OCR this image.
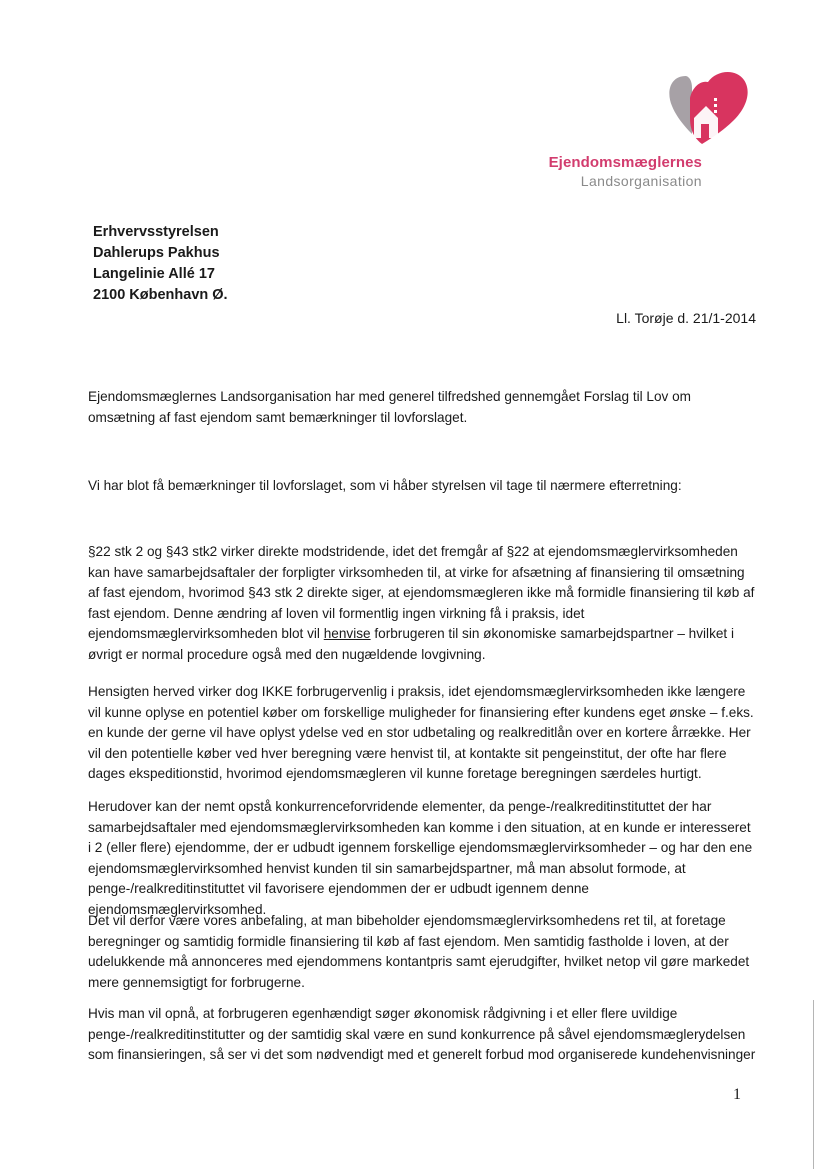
Ejendomsmæglernes
Landsorganisation
Erhvervsstyrelsen
Dahlerups Pakhus
Langelinie Allé 17
2100 København Ø.
Ll. Torøje d. 21/1-2014

Ejendomsmæglernes Landsorganisation har med generel tilfredshed gennemgået Forslag til Lov om omsætning af fast ejendom samt bemærkninger til lovforslaget.

Vi har blot få bemærkninger til lovforslaget, som vi håber styrelsen vil tage til nærmere efterretning:

§22 stk 2 og §43 stk2 virker direkte modstridende, idet det fremgår af §22 at ejendomsmæglervirksomheden kan have samarbejdsaftaler der forpligter virksomheden til, at virke for afsætning af finansiering til omsætning af fast ejendom, hvorimod §43 stk 2 direkte siger, at ejendomsmægleren ikke må formidle finansiering til køb af fast ejendom. Denne ændring af loven vil formentlig ingen virkning få i praksis, idet ejendomsmæglervirksomheden blot vil henvise forbrugeren til sin økonomiske samarbejdspartner – hvilket i øvrigt er normal procedure også med den nugældende lovgivning.

Hensigten herved virker dog IKKE forbrugervenlig i praksis, idet ejendomsmæglervirksomheden ikke længere vil kunne oplyse en potentiel køber om forskellige muligheder for finansiering efter kundens eget ønske – f.eks. en kunde der gerne vil have oplyst ydelse ved en stor udbetaling og realkreditlån over en kortere årrække. Her vil den potentielle køber ved hver beregning være henvist til, at kontakte sit pengeinstitut, der ofte har flere dages ekspeditionstid, hvorimod ejendomsmægleren vil kunne foretage beregningen særdeles hurtigt.

Herudover kan der nemt opstå konkurrenceforvridende elementer, da penge-/realkreditinstituttet der har samarbejdsaftaler med ejendomsmæglervirksomheden kan komme i den situation, at en kunde er interesseret i 2 (eller flere) ejendomme, der er udbudt igennem forskellige ejendomsmæglervirksomheder – og har den ene ejendomsmæglervirksomhed henvist kunden til sin samarbejdspartner, må man absolut formode, at penge-/realkreditinstituttet vil favorisere ejendommen der er udbudt igennem denne ejendomsmæglervirksomhed.

Det vil derfor være vores anbefaling, at man bibeholder ejendomsmæglervirksomhedens ret til, at foretage beregninger og samtidig formidle finansiering til køb af fast ejendom. Men samtidig fastholde i loven, at der udelukkende må annonceres med ejendommens kontantpris samt ejerudgifter, hvilket netop vil gøre markedet mere gennemsigtigt for forbrugerne.

Hvis man vil opnå, at forbrugeren egenhændigt søger økonomisk rådgivning i et eller flere uvildige penge-/realkreditinstitutter og der samtidig skal være en sund konkurrence på såvel ejendomsmæglerydelsen som finansieringen, så ser vi det som nødvendigt med et generelt forbud mod organiserede kundehenvisninger

1
